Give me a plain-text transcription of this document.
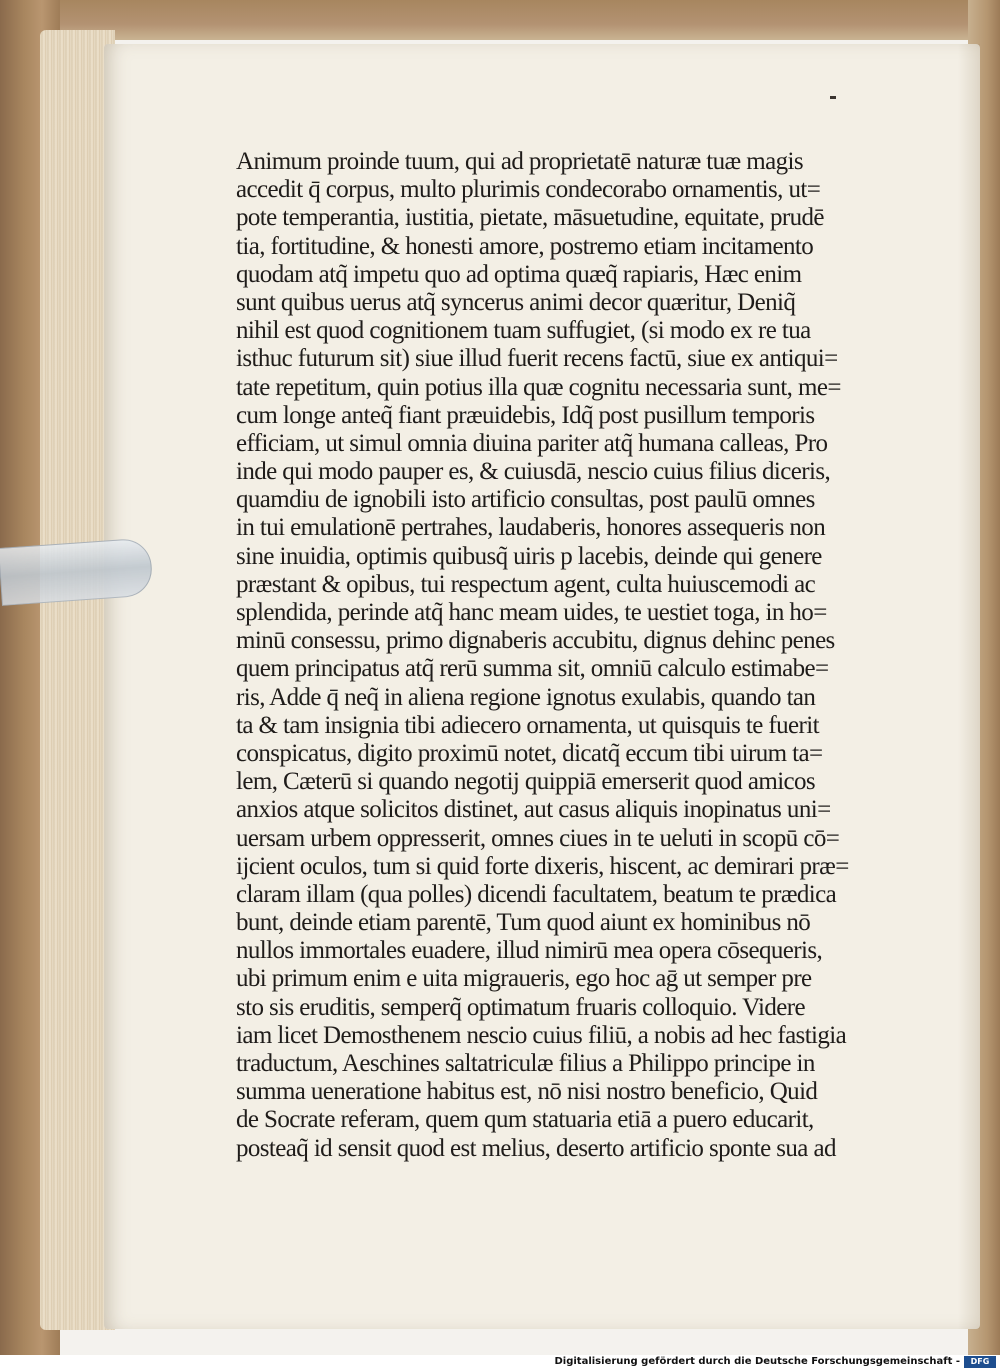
Animum proinde tuum, qui ad proprietatē naturæ tuæ magis
accedit q̄ corpus, multo plurimis condecorabo ornamentis, ut=
pote temperantia, iustitia, pietate, māsuetudine, equitate, prudē
tia, fortitudine, & honesti amore, postremo etiam incitamento
quodam atq̃ impetu quo ad optima quæq̃ rapiaris, Hæc enim
sunt quibus uerus atq̃ syncerus animi decor quæritur, Deniq̃
nihil est quod cognitionem tuam suffugiet, (si modo ex re tua
isthuc futurum sit) siue illud fuerit recens factū, siue ex antiqui=
tate repetitum, quin potius illa quæ cognitu necessaria sunt, me=
cum longe anteq̃ fiant præuidebis, Idq̃ post pusillum temporis
efficiam, ut simul omnia diuina pariter atq̃ humana calleas, Pro
inde qui modo pauper es, & cuiusdā, nescio cuius filius diceris,
quamdiu de ignobili isto artificio consultas, post paulū omnes
in tui emulationē pertrahes, laudaberis, honores assequeris non
sine inuidia, optimis quibusq̃ uiris p lacebis, deinde qui genere
præstant & opibus, tui respectum agent, culta huiuscemodi ac
splendida, perinde atq̃ hanc meam uides, te uestiet toga, in ho=
minū consessu, primo dignaberis accubitu, dignus dehinc penes
quem principatus atq̃ rerū summa sit, omniū calculo estimabe=
ris, Adde q̄ neq̃ in aliena regione ignotus exulabis, quando tan
ta & tam insignia tibi adiecero ornamenta, ut quisquis te fuerit
conspicatus, digito proximū notet, dicatq̃ eccum tibi uirum ta=
lem, Cæterū si quando negotij quippiā emerserit quod amicos
anxios atque solicitos distinet, aut casus aliquis inopinatus uni=
uersam urbem oppresserit, omnes ciues in te ueluti in scopū cō=
ijcient oculos, tum si quid forte dixeris, hiscent, ac demirari præ=
claram illam (qua polles) dicendi facultatem, beatum te prædica
bunt, deinde etiam parentē, Tum quod aiunt ex hominibus nō
nullos immortales euadere, illud nimirū mea opera cōsequeris,
ubi primum enim e uita migraueris, ego hoc aḡ ut semper pre
sto sis eruditis, semperq̃ optimatum fruaris colloquio. Videre
iam licet Demosthenem nescio cuius filiū, a nobis ad hec fastigia
traductum, Aeschines saltatriculæ filius a Philippo principe in
summa ueneratione habitus est, nō nisi nostro beneficio, Quid
de Socrate referam, quem qum statuaria etiā a puero educarit,
posteaq̃ id sensit quod est melius, deserto artificio sponte sua ad
Digitalisierung gefördert durch die Deutsche Forschungsgemeinschaft -	DFG
